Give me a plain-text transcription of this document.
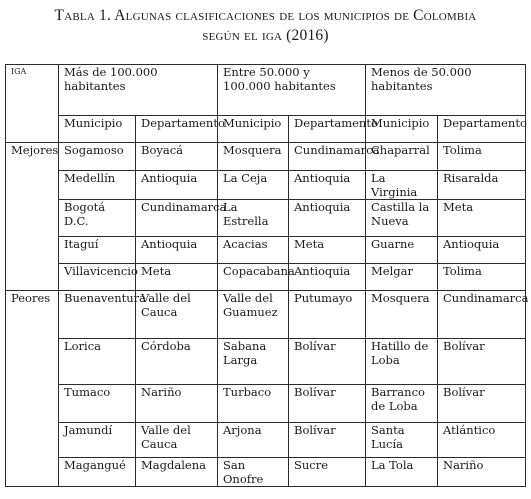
Tabla 1. Algunas clasificaciones de los municipios de Colombia
según el iga (2016)
IGA	Más de 100.000 habitantes		Entre 50.000 y 100.000 habitantes		Menos de 50.000 habitantes	
	Municipio	Departamento	Municipio	Departamento	Municipio	Departamento
Mejores	Sogamoso	Boyacá	Mosquera	Cundinamarca	Chaparral	Tolima
	Medellín	Antioquia	La Ceja	Antioquia	La Virginia	Risaralda
	Bogotá D.C.	Cundinamarca	La Estrella	Antioquia	Castilla la Nueva	Meta
	Itaguí	Antioquia	Acacias	Meta	Guarne	Antioquia
	Villavicencio	Meta	Copacabana	Antioquia	Melgar	Tolima
Peores	Buenaventura	Valle del Cauca	Valle del Guamuez	Putumayo	Mosquera	Cundinamarca
	Lorica	Córdoba	Sabana Larga	Bolívar	Hatillo de Loba	Bolívar
	Tumaco	Nariño	Turbaco	Bolívar	Barranco de Loba	Bolívar
	Jamundí	Valle del Cauca	Arjona	Bolívar	Santa Lucía	Atlántico
	Magangué	Magdalena	San Onofre	Sucre	La Tola	Nariño
